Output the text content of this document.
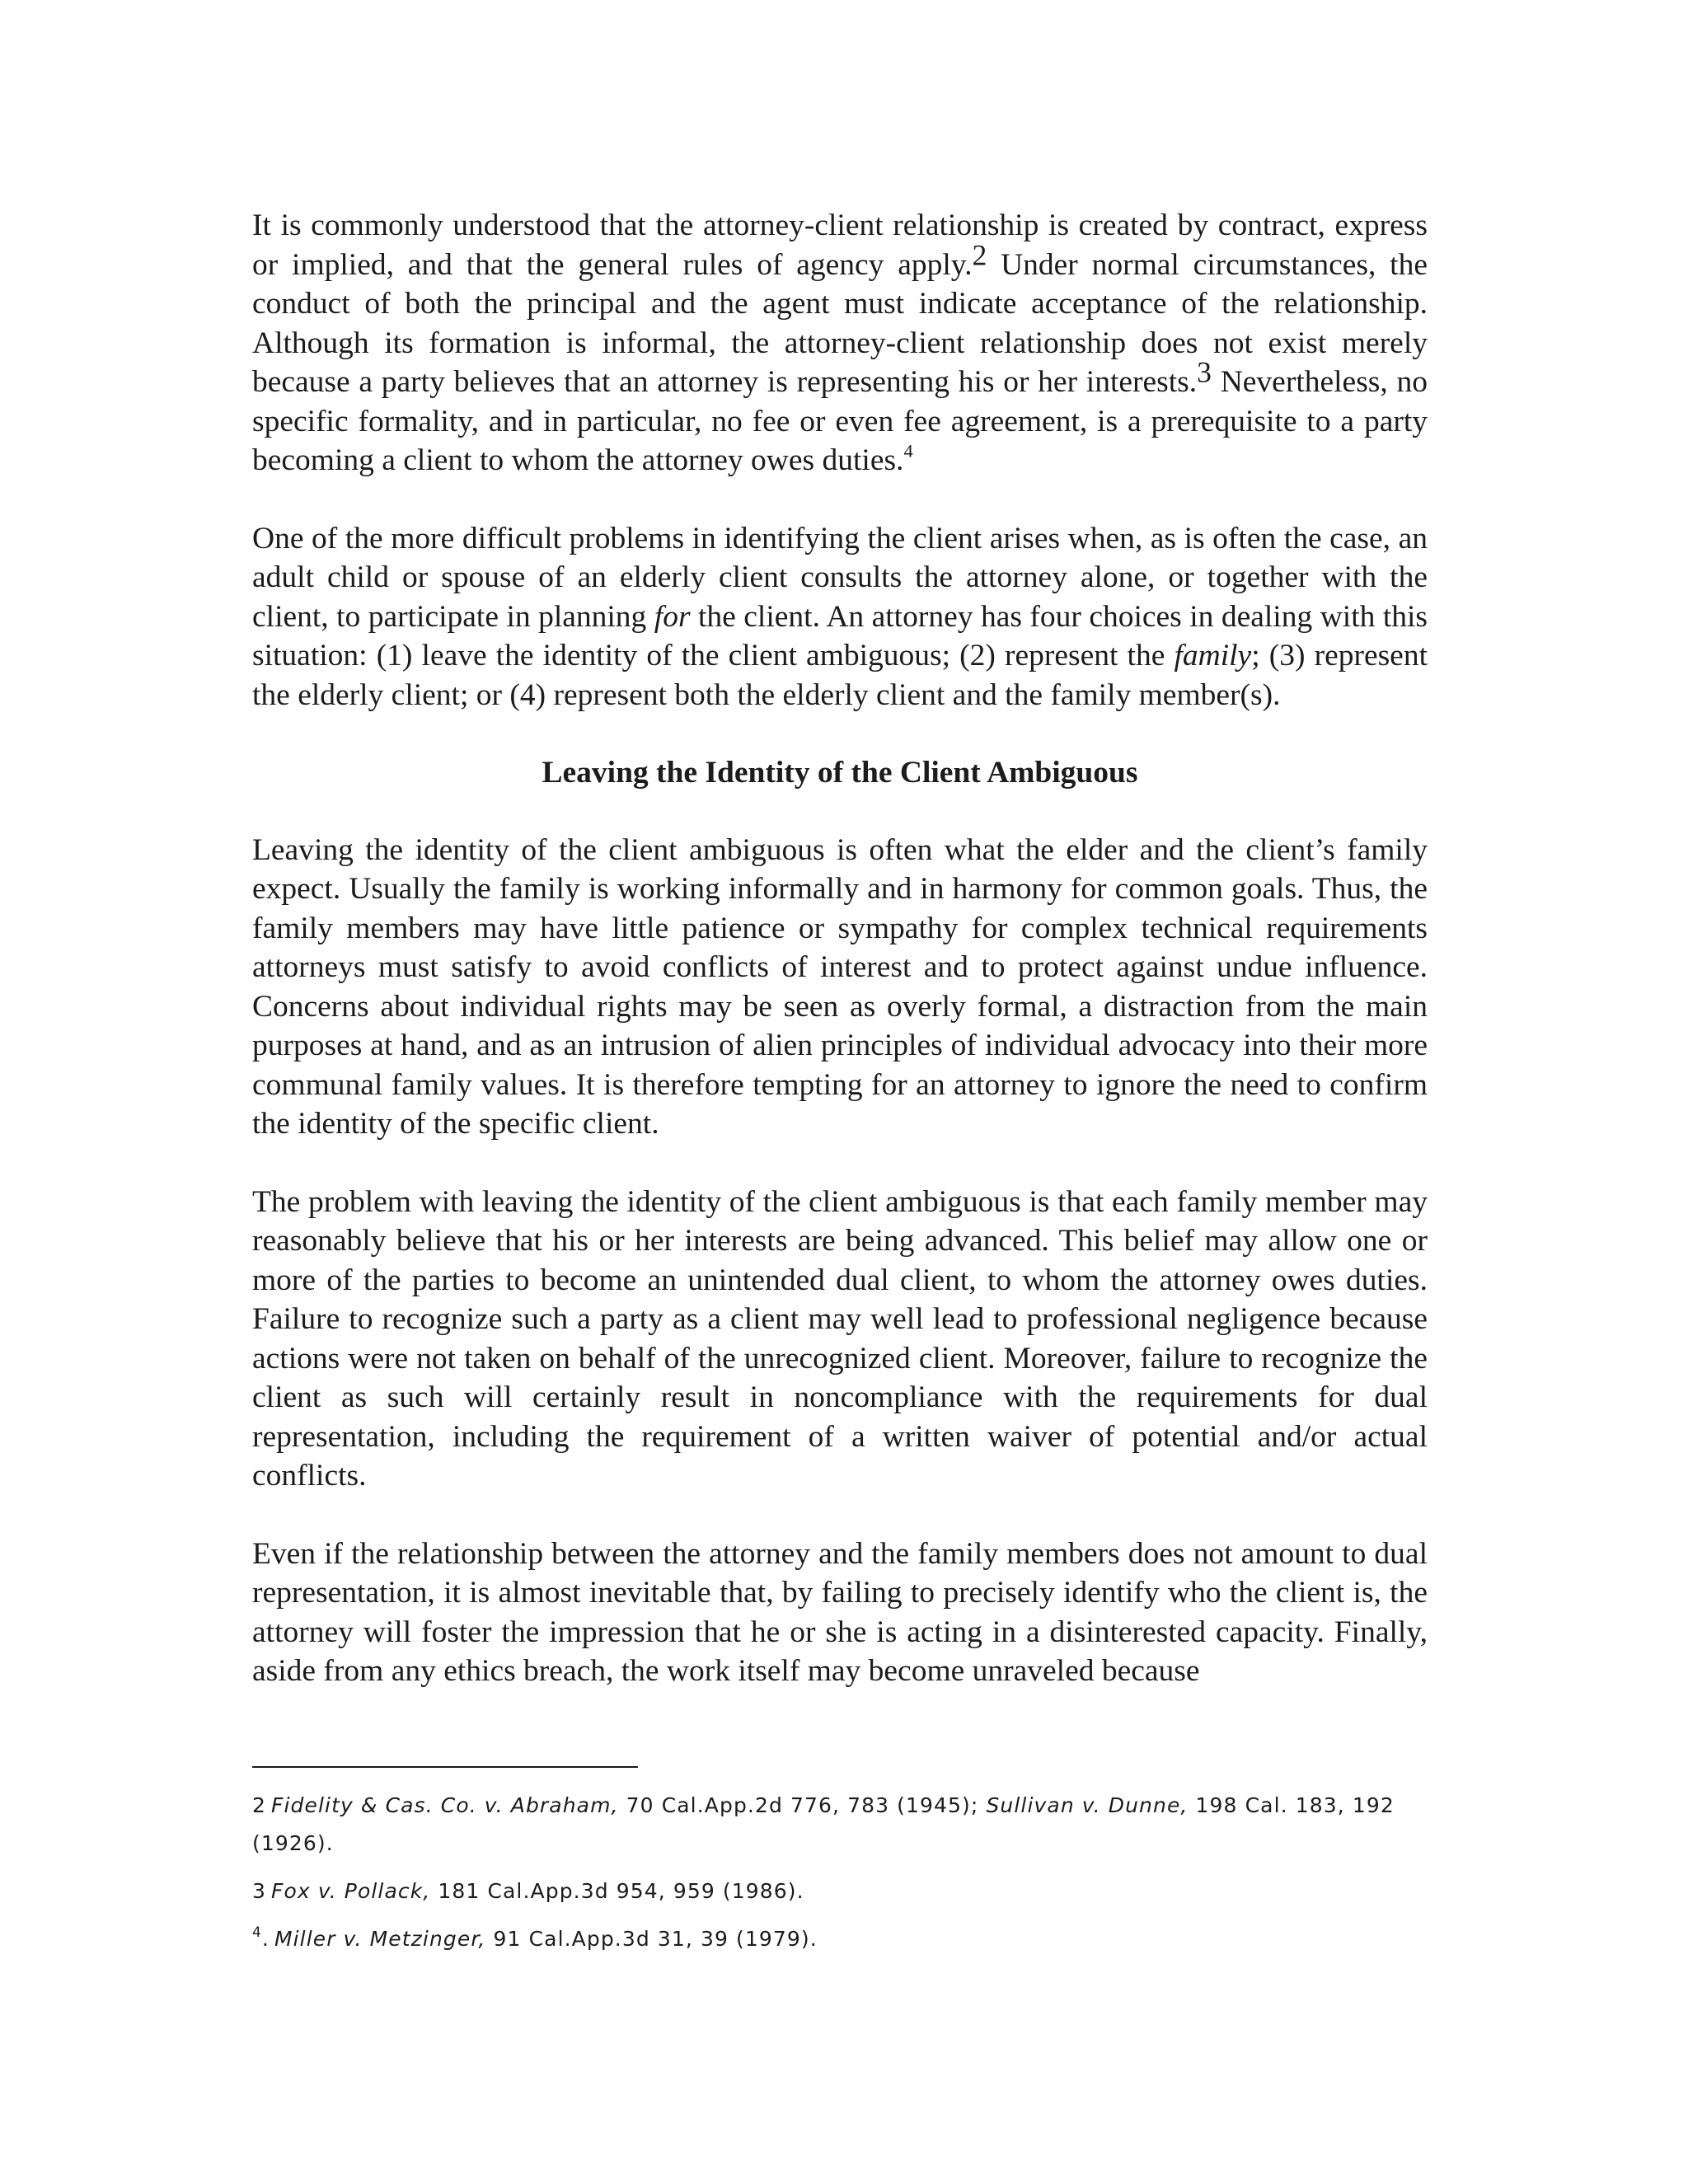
It is commonly understood that the attorney-client relationship is created by contract, express or implied, and that the general rules of agency apply.$^2$ Under normal circumstances, the conduct of both the principal and the agent must indicate acceptance of the relationship. Although its formation is informal, the attorney-client relationship does not exist merely because a party believes that an attorney is representing his or her interests.$^3$ Nevertheless, no specific formality, and in particular, no fee or even fee agreement, is a prerequisite to a party becoming a client to whom the attorney owes duties.$^4$

One of the more difficult problems in identifying the client arises when, as is often the case, an adult child or spouse of an elderly client consults the attorney alone, or together with the client, to participate in planning for the client. An attorney has four choices in dealing with this situation: (1) leave the identity of the client ambiguous; (2) represent the family; (3) represent the elderly client; or (4) represent both the elderly client and the family member(s).

Leaving the Identity of the Client Ambiguous

Leaving the identity of the client ambiguous is often what the elder and the client’s family expect. Usually the family is working informally and in harmony for common goals. Thus, the family members may have little patience or sympathy for complex technical requirements attorneys must satisfy to avoid conflicts of interest and to protect against undue influence. Concerns about individual rights may be seen as overly formal, a distraction from the main purposes at hand, and as an intrusion of alien principles of individual advocacy into their more communal family values. It is therefore tempting for an attorney to ignore the need to confirm the identity of the specific client.

The problem with leaving the identity of the client ambiguous is that each family member may reasonably believe that his or her interests are being advanced. This belief may allow one or more of the parties to become an unintended dual client, to whom the attorney owes duties. Failure to recognize such a party as a client may well lead to professional negligence because actions were not taken on behalf of the unrecognized client. Moreover, failure to recognize the client as such will certainly result in noncompliance with the requirements for dual representation, including the requirement of a written waiver of potential and/or actual conflicts.

Even if the relationship between the attorney and the family members does not amount to dual representation, it is almost inevitable that, by failing to precisely identify who the client is, the attorney will foster the impression that he or she is acting in a disinterested capacity. Finally, aside from any ethics breach, the work itself may become unraveled because

2 Fidelity & Cas. Co. v. Abraham, 70 Cal.App.2d 776, 783 (1945); Sullivan v. Dunne, 198 Cal. 183, 192 (1926).
3 Fox v. Pollack, 181 Cal.App.3d 954, 959 (1986).
$^4$. Miller v. Metzinger, 91 Cal.App.3d 31, 39 (1979).
